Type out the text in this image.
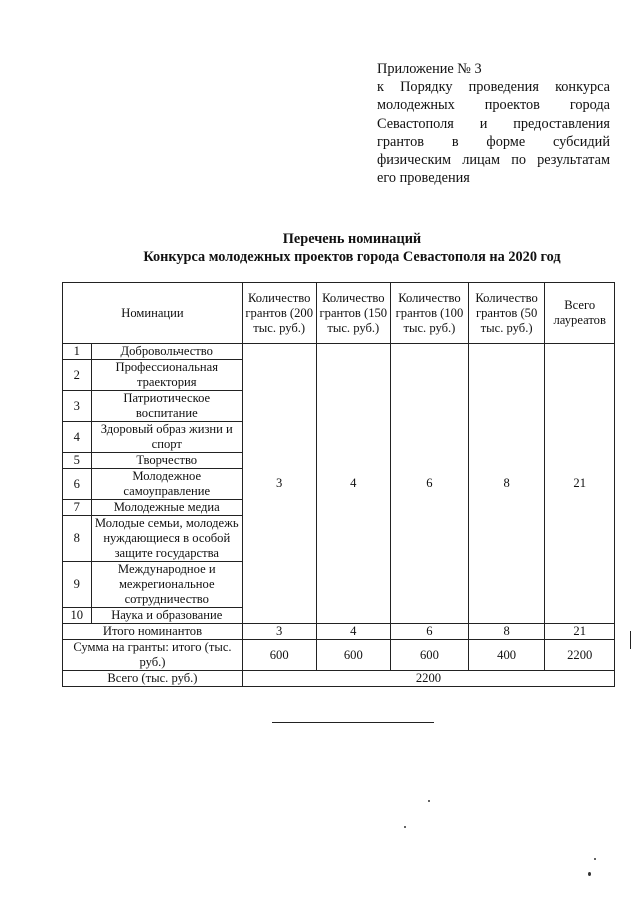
Приложение № 3
к Порядку проведения конкурса
молодежных проектов города
Севастополя и предоставления
грантов в форме субсидий
физическим лицам по результатам
его проведения
Перечень номинаций
Конкурса молодежных проектов города Севастополя на 2020 год
Номинации		Количество грантов (200 тыс. руб.)	Количество грантов (150 тыс. руб.)	Количество грантов (100 тыс. руб.)	Количество грантов (50 тыс. руб.)	Всего лауреатов
1	Добровольчество	3	4	6	8	21
2	Профессиональная траектория					
3	Патриотическое воспитание					
4	Здоровый образ жизни и спорт					
5	Творчество					
6	Молодежное самоуправление					
7	Молодежные медиа					
8	Молодые семьи, молодежь нуждающиеся в особой защите государства					
9	Международное и межрегиональное сотрудничество					
10	Наука и образование					
Итого номинантов		3	4	6	8	21
Сумма на гранты: итого (тыс. руб.)		600	600	600	400	2200
Всего (тыс. руб.)		2200				
